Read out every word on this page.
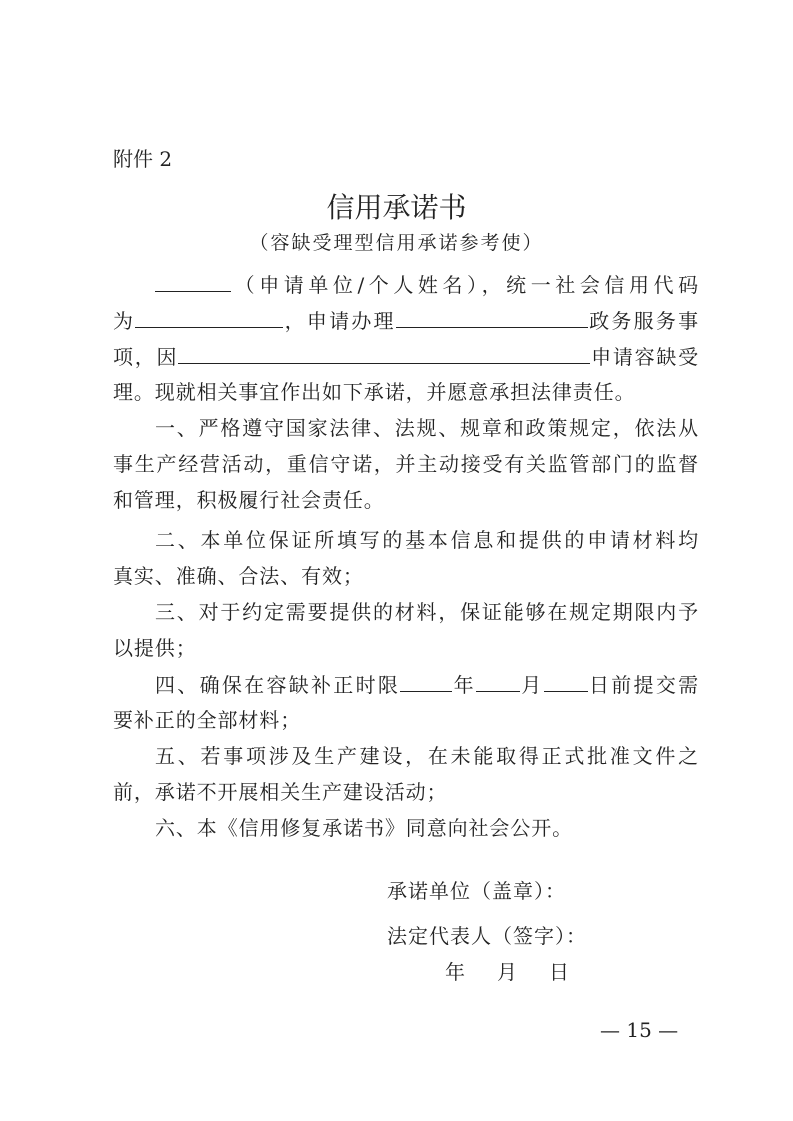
附件 2
信用承诺书
（容缺受理型信用承诺参考使）
（申请单位/个人姓名），统一社会信用代码
为	，申请办理	政务服务事
项，因	申请容缺受
理。现就相关事宜作出如下承诺，并愿意承担法律责任。
一、严格遵守国家法律、法规、规章和政策规定，依法从
事生产经营活动，重信守诺，并主动接受有关监管部门的监督
和管理，积极履行社会责任。
二、本单位保证所填写的基本信息和提供的申请材料均
真实、准确、合法、有效；
三、对于约定需要提供的材料，保证能够在规定期限内予
以提供；
四、确保在容缺补正时限	年 月 日前提交需
要补正的全部材料；
五、若事项涉及生产建设，在未能取得正式批准文件之
前，承诺不开展相关生产建设活动；
六、本《信用修复承诺书》同意向社会公开。
承诺单位（盖章）：
法定代表人（签字）：
年 月 日
— 15 —
